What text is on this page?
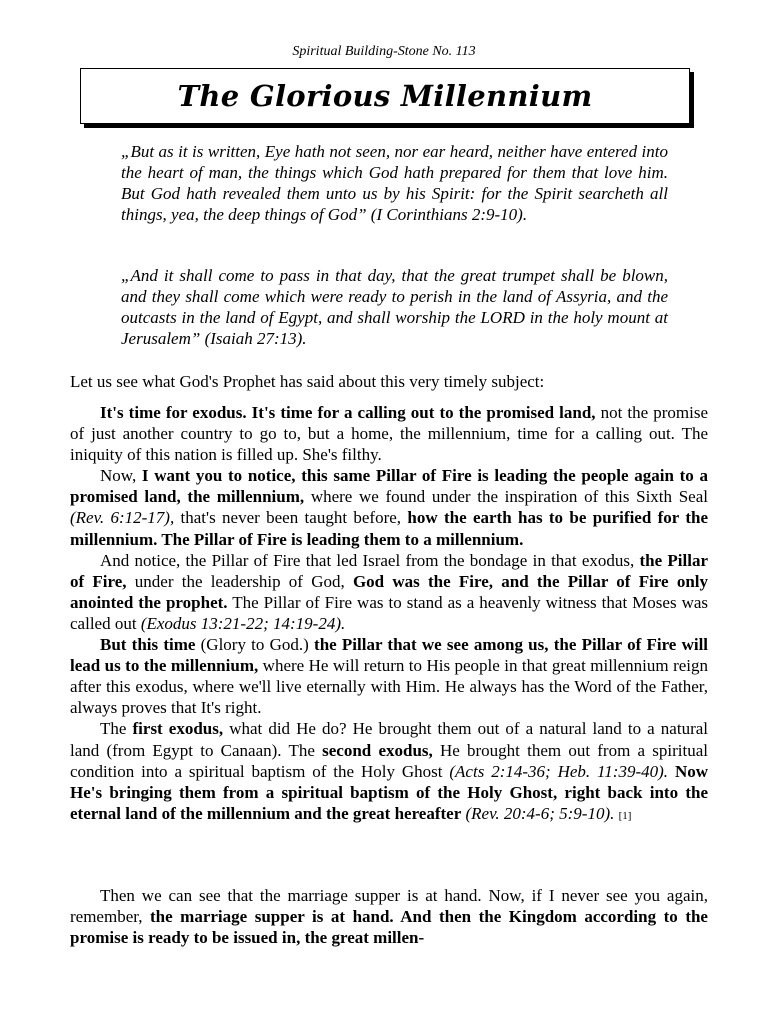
Spiritual Building-Stone No. 113
The Glorious Millennium
„But as it is written, Eye hath not seen, nor ear heard, neither have entered into the heart of man, the things which God hath prepared for them that love him. But God hath revealed them unto us by his Spirit: for the Spirit searcheth all things, yea, the deep things of God” (I Corinthians 2:9-10).
„And it shall come to pass in that day, that the great trumpet shall be blown, and they shall come which were ready to perish in the land of Assyria, and the outcasts in the land of Egypt, and shall worship the LORD in the holy mount at Jerusalem” (Isaiah 27:13).
Let us see what God's Prophet has said about this very timely subject:

It's time for exodus. It's time for a calling out to the promised land, not the promise of just another country to go to, but a home, the millennium, time for a calling out. The iniquity of this nation is filled up. She's filthy.

Now, I want you to notice, this same Pillar of Fire is leading the people again to a promised land, the millennium, where we found under the inspiration of this Sixth Seal (Rev. 6:12-17), that's never been taught before, how the earth has to be purified for the millennium. The Pillar of Fire is leading them to a millennium.

And notice, the Pillar of Fire that led Israel from the bondage in that exodus, the Pillar of Fire, under the leadership of God, God was the Fire, and the Pillar of Fire only anointed the prophet. The Pillar of Fire was to stand as a heavenly witness that Moses was called out (Exodus 13:21-22; 14:19-24).

But this time (Glory to God.) the Pillar that we see among us, the Pillar of Fire will lead us to the millennium, where He will return to His people in that great millennium reign after this exodus, where we'll live eternally with Him. He always has the Word of the Father, always proves that It's right.

The first exodus, what did He do? He brought them out of a natural land to a natural land (from Egypt to Canaan). The second exodus, He brought them out from a spiritual condition into a spiritual baptism of the Holy Ghost (Acts 2:14-36; Heb. 11:39-40). Now He's bringing them from a spiritual baptism of the Holy Ghost, right back into the eternal land of the millennium and the great hereafter (Rev. 20:4-6; 5:9-10). [1]

Then we can see that the marriage supper is at hand. Now, if I never see you again, remember, the marriage supper is at hand. And then the Kingdom according to the promise is ready to be issued in, the great millen-
